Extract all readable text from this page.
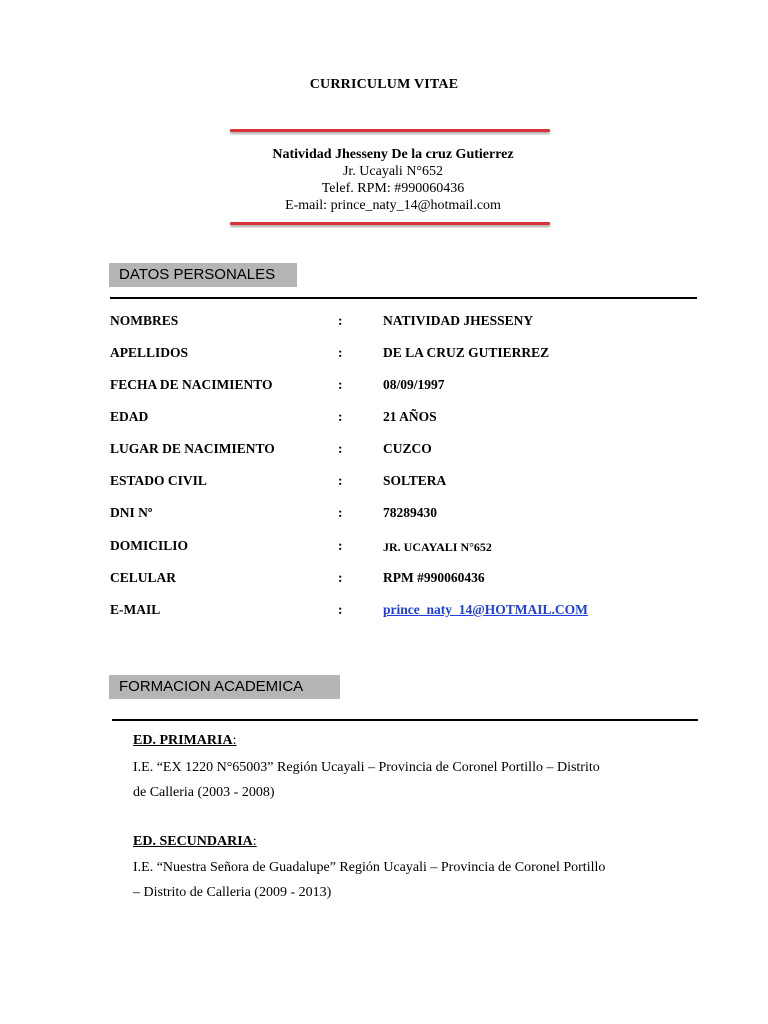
CURRICULUM VITAE
Natividad Jhesseny De la cruz Gutierrez
Jr. Ucayali N°652
Telef. RPM: #990060436
E-mail: prince_naty_14@hotmail.com
DATOS PERSONALES
NOMBRES	:	NATIVIDAD JHESSENY
APELLIDOS	:	DE LA CRUZ GUTIERREZ
FECHA DE NACIMIENTO	:	08/09/1997
EDAD	:	21 AÑOS
LUGAR DE NACIMIENTO	:	CUZCO
ESTADO CIVIL	:	SOLTERA
DNI Nº	:	78289430
DOMICILIO	:	JR. UCAYALI N°652
CELULAR	:	RPM #990060436
E-MAIL	:	prince_naty_14@HOTMAIL.COM
FORMACION ACADEMICA
ED. PRIMARIA:
I.E. “EX 1220 N°65003” Región Ucayali – Provincia de Coronel Portillo – Distrito
de Calleria (2003 - 2008)
ED. SECUNDARIA:
I.E. “Nuestra Señora de Guadalupe” Región Ucayali – Provincia de Coronel Portillo
– Distrito de Calleria (2009 - 2013)
